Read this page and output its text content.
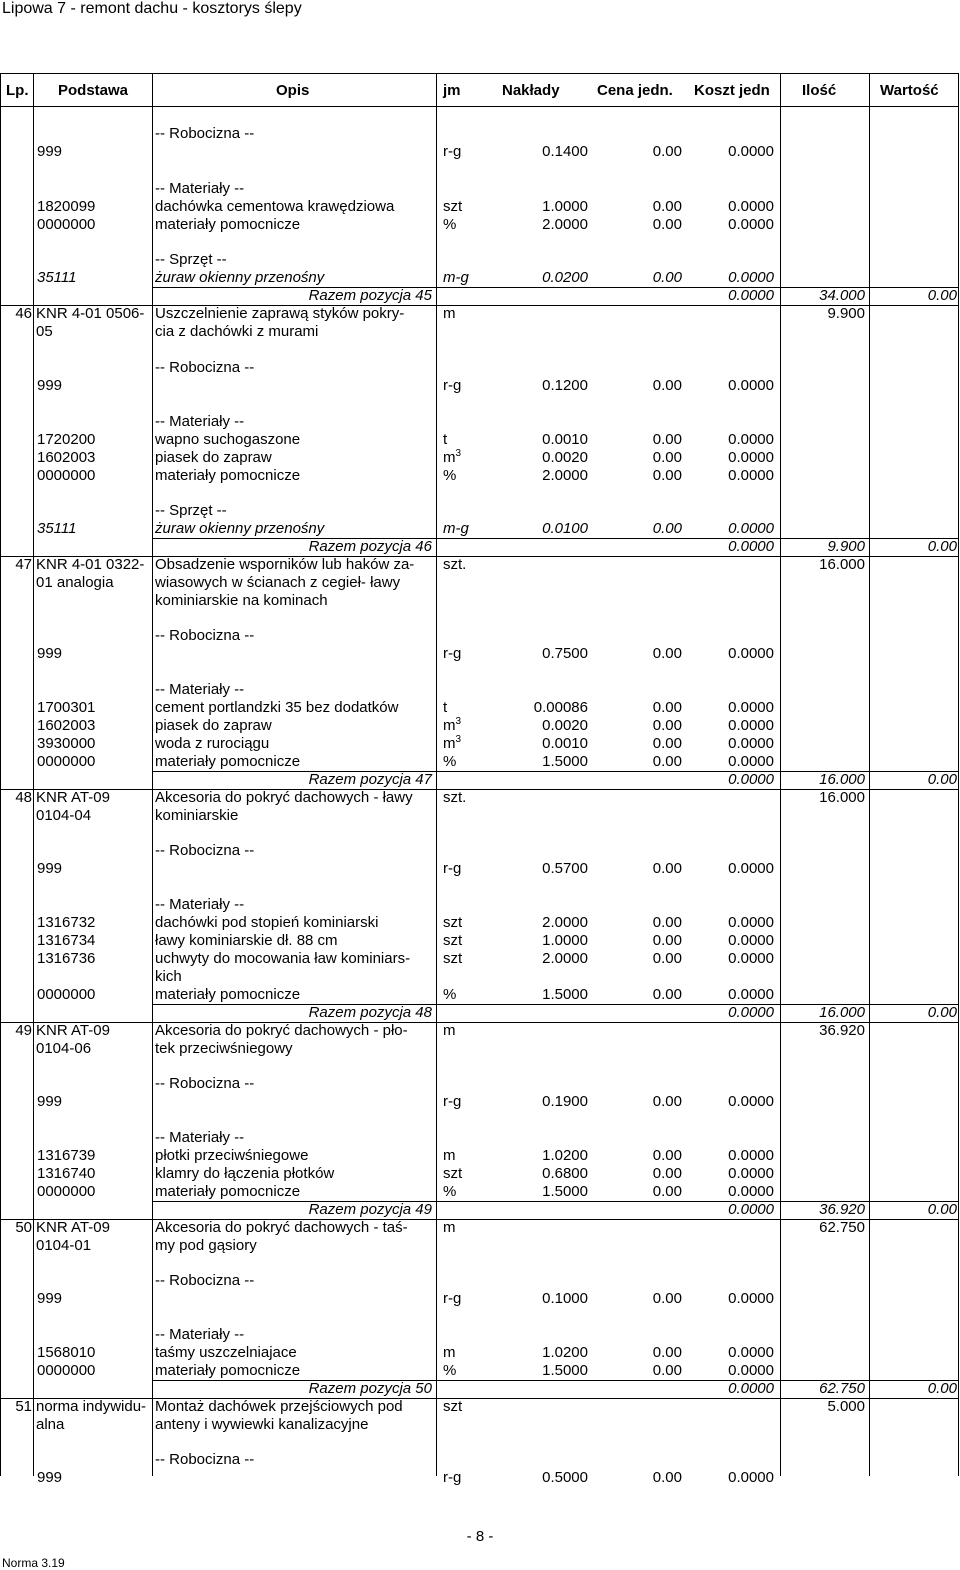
Lipowa 7 - remont dachu - kosztorys ślepy
Lp. Podstawa	Opis	jm	Nakłady Cena jedn. Koszt jedn Ilość	Wartość
-- Robocizna --
999	r-g	0.1400	0.00	0.0000
-- Materiały --
1820099	dachówka cementowa krawędziowa	szt	1.0000	0.00	0.0000
0000000	materiały pomocnicze	%	2.0000	0.00	0.0000
-- Sprzęt --
35111	żuraw okienny przenośny	m-g	0.0200	0.00	0.0000
Razem pozycja 45	0.0000	34.000	0.00
46 KNR 4-01 0506-
05
Uszczelnienie zaprawą styków pokry-
cia z dachówki z murami
m	9.900
-- Robocizna --
999	r-g	0.1200	0.00	0.0000
-- Materiały --
1720200	wapno suchogaszone	t	0.0010	0.00	0.0000
1602003	piasek do zapraw	$m^3$	0.0020	0.00	0.0000
0000000	materiały pomocnicze	%	2.0000	0.00	0.0000
-- Sprzęt --
35111	żuraw okienny przenośny	m-g	0.0100	0.00	0.0000
Razem pozycja 46	0.0000	9.900	0.00
47 KNR 4-01 0322-
01 analogia
Obsadzenie wsporników lub haków za-
wiasowych w ścianach z cegieł- ławy
kominiarskie na kominach
szt.	16.000
-- Robocizna --
999	r-g	0.7500	0.00	0.0000
-- Materiały --
1700301	cement portlandzki 35 bez dodatków	t	0.00086	0.00	0.0000
1602003	piasek do zapraw	$m^3$	0.0020	0.00	0.0000
3930000	woda z rurociągu	$m^3$	0.0010	0.00	0.0000
0000000	materiały pomocnicze	%	1.5000	0.00	0.0000
Razem pozycja 47	0.0000	16.000	0.00
48 KNR AT-09
0104-04
Akcesoria do pokryć dachowych - ławy
kominiarskie
szt.	16.000
-- Robocizna --
999	r-g	0.5700	0.00	0.0000
-- Materiały --
1316732	dachówki pod stopień kominiarski	szt	2.0000	0.00	0.0000
1316734	ławy kominiarskie dł. 88 cm	szt	1.0000	0.00	0.0000
1316736	uchwyty do mocowania ław kominiars-
kich
szt	2.0000	0.00	0.0000
0000000	materiały pomocnicze	%	1.5000	0.00	0.0000
Razem pozycja 48	0.0000	16.000	0.00
49 KNR AT-09
0104-06
Akcesoria do pokryć dachowych - pło-
tek przeciwśniegowy
m	36.920
-- Robocizna --
999	r-g	0.1900	0.00	0.0000
-- Materiały --
1316739	płotki przeciwśniegowe	m	1.0200	0.00	0.0000
1316740	klamry do łączenia płotków	szt	0.6800	0.00	0.0000
0000000	materiały pomocnicze	%	1.5000	0.00	0.0000
Razem pozycja 49	0.0000	36.920	0.00
50 KNR AT-09
0104-01
Akcesoria do pokryć dachowych - taś-
my pod gąsiory
m	62.750
-- Robocizna --
999	r-g	0.1000	0.00	0.0000
-- Materiały --
1568010	taśmy uszczelniajace	m	1.0200	0.00	0.0000
0000000	materiały pomocnicze	%	1.5000	0.00	0.0000
Razem pozycja 50	0.0000	62.750	0.00
51 norma indywidu-
alna
Montaż dachówek przejściowych pod
anteny i wywiewki kanalizacyjne
szt	5.000
-- Robocizna --
999	r-g	0.5000	0.00	0.0000
- 8 -
Norma 3.19
